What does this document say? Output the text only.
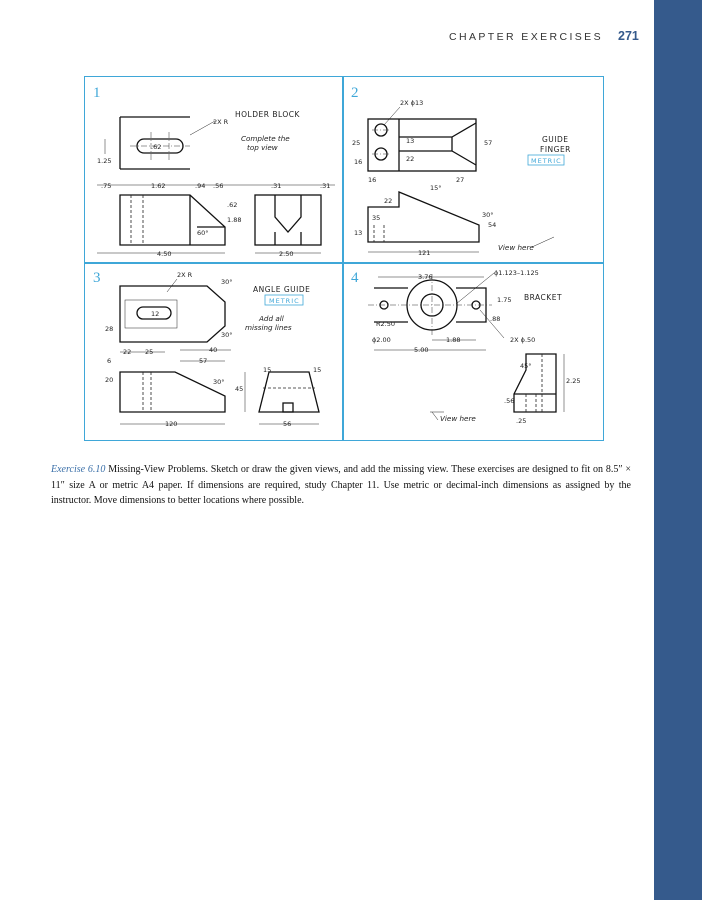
CHAPTER EXERCISES 271
1	2
3	4
HOLDER BLOCK
Complete the
top view
2X R
.62
1.25
.75	1.62	.94 .56	.31	.31
.62
1.88
60°
4.50	2.50
2X ϕ13
25
16
13
22
57
16	27
GUIDE
FINGER
METRIC
15°
22
35	30°
54
13
121
View here
2X R
ANGLE GUIDE
METRIC
Add all
missing lines
12
30°
30°
28
22 25	40
6	57
20	30°
45
15	15
120	56
ϕ1.123–1.125
3.76
BRACKET
1.75
R2.50
.88
ϕ2.00	1.88	2X ϕ.50
5.00
45°
2.25
.56
.25
View here

Exercise 6.10 Missing-View Problems. Sketch or draw the given views, and add the missing view. These exercises are designed to fit on 8.5″ × 11″ size A or metric A4 paper. If dimensions are required, study Chapter 11. Use metric or decimal-inch dimensions as assigned by the instructor. Move dimensions to better locations where possible.
